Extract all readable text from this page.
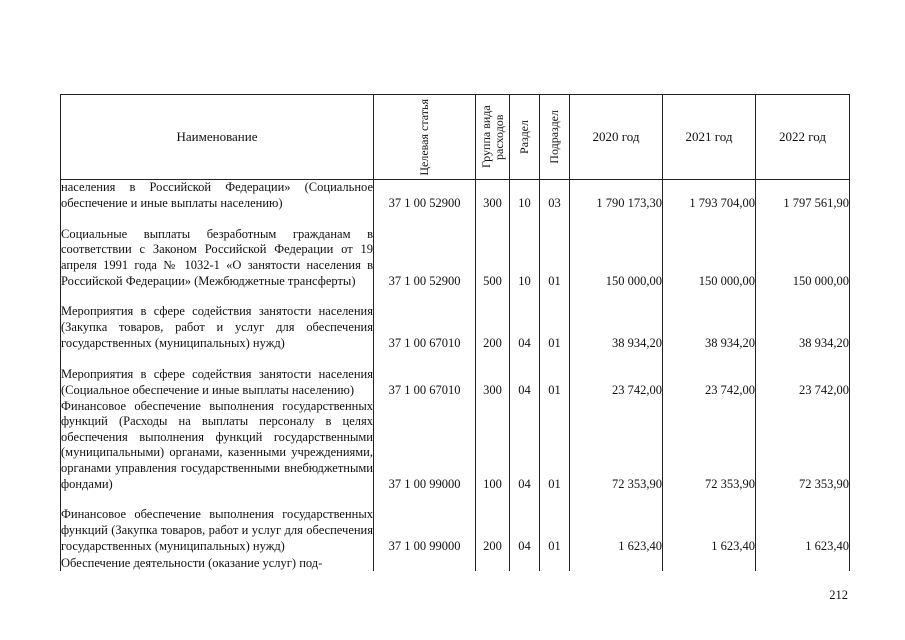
Наименование	Целевая статья	Группа вида расходов	Раздел	Подраздел	2020 год	2021 год	2022 год
населения в Российской Федерации» (Социальное обеспечение и иные выплаты населению)	37 1 00 52900	300	10	03	1 790 173,30	1 793 704,00	1 797 561,90
Социальные выплаты безработным гражданам в соответствии с Законом Российской Федерации от 19 апреля 1991 года № 1032-1 «О занятости населения в Российской Федерации» (Межбюджетные трансферты)	37 1 00 52900	500	10	01	150 000,00	150 000,00	150 000,00
Мероприятия в сфере содействия занятости населения (Закупка товаров, работ и услуг для обеспечения государственных (муниципальных) нужд)	37 1 00 67010	200	04	01	38 934,20	38 934,20	38 934,20
Мероприятия в сфере содействия занятости населения (Социальное обеспечение и иные выплаты населению)	37 1 00 67010	300	04	01	23 742,00	23 742,00	23 742,00
Финансовое обеспечение выполнения государственных функций (Расходы на выплаты персоналу в целях обеспечения выполнения функций государственными (муниципальными) органами, казенными учреждениями, органами управления государственными внебюджетными фондами)	37 1 00 99000	100	04	01	72 353,90	72 353,90	72 353,90
Финансовое обеспечение выполнения государственных функций (Закупка товаров, работ и услуг для обеспечения государственных (муниципальных) нужд)	37 1 00 99000	200	04	01	1 623,40	1 623,40	1 623,40
Обеспечение деятельности (оказание услуг) под-							
212
